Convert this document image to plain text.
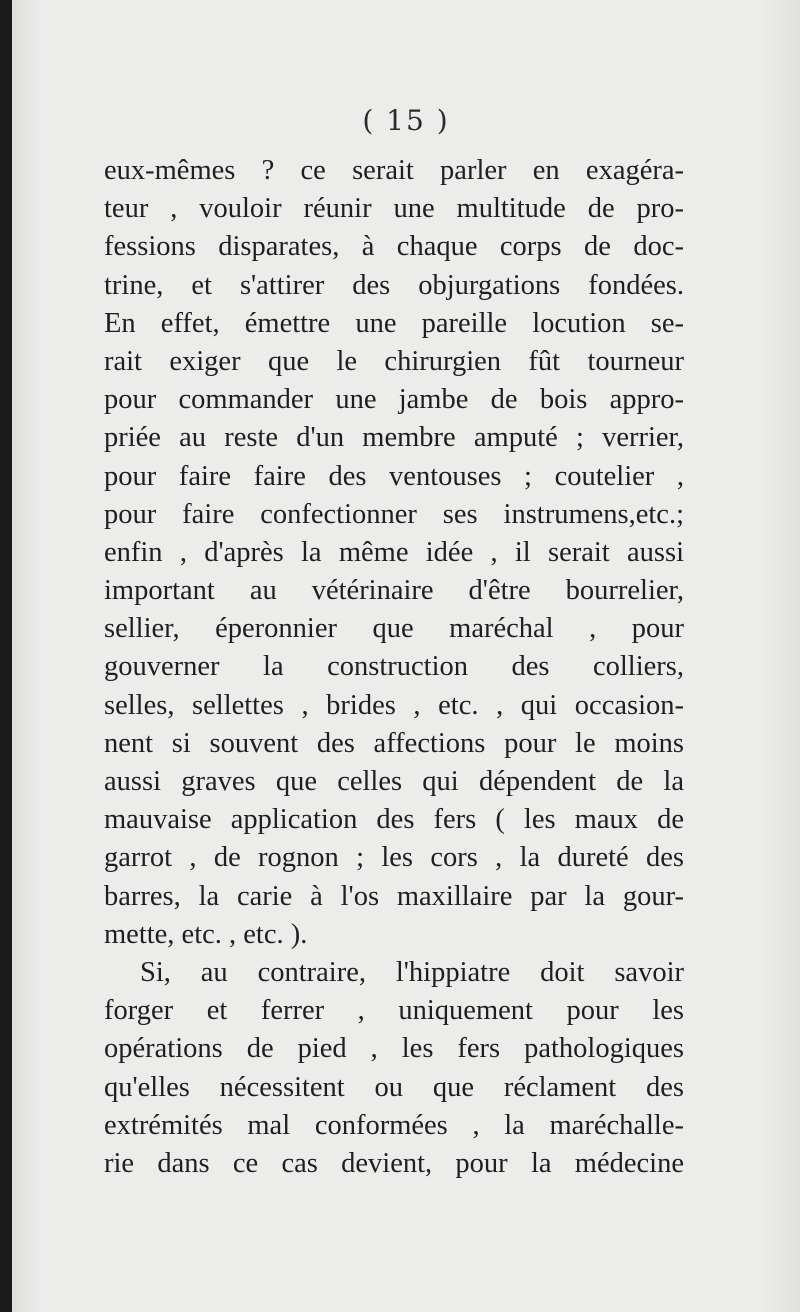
( 15 )
eux-mêmes ? ce serait parler en exagéra-
teur , vouloir réunir une multitude de pro-
fessions disparates, à chaque corps de doc-
trine, et s'attirer des objurgations fondées.
En effet, émettre une pareille locution se-
rait exiger que le chirurgien fût tourneur
pour commander une jambe de bois appro-
priée au reste d'un membre amputé ; verrier,
pour faire faire des ventouses ; coutelier ,
pour faire confectionner ses instrumens,etc.;
enfin , d'après la même idée , il serait aussi
important au vétérinaire d'être bourrelier,
sellier, éperonnier que maréchal , pour
gouverner la construction des colliers,
selles, sellettes , brides , etc. , qui occasion-
nent si souvent des affections pour le moins
aussi graves que celles qui dépendent de la
mauvaise application des fers ( les maux de
garrot , de rognon ; les cors , la dureté des
barres, la carie à l'os maxillaire par la gour-
mette, etc. , etc. ).
Si, au contraire, l'hippiatre doit savoir
forger et ferrer , uniquement pour les
opérations de pied , les fers pathologiques
qu'elles nécessitent ou que réclament des
extrémités mal conformées , la maréchalle-
rie dans ce cas devient, pour la médecine
